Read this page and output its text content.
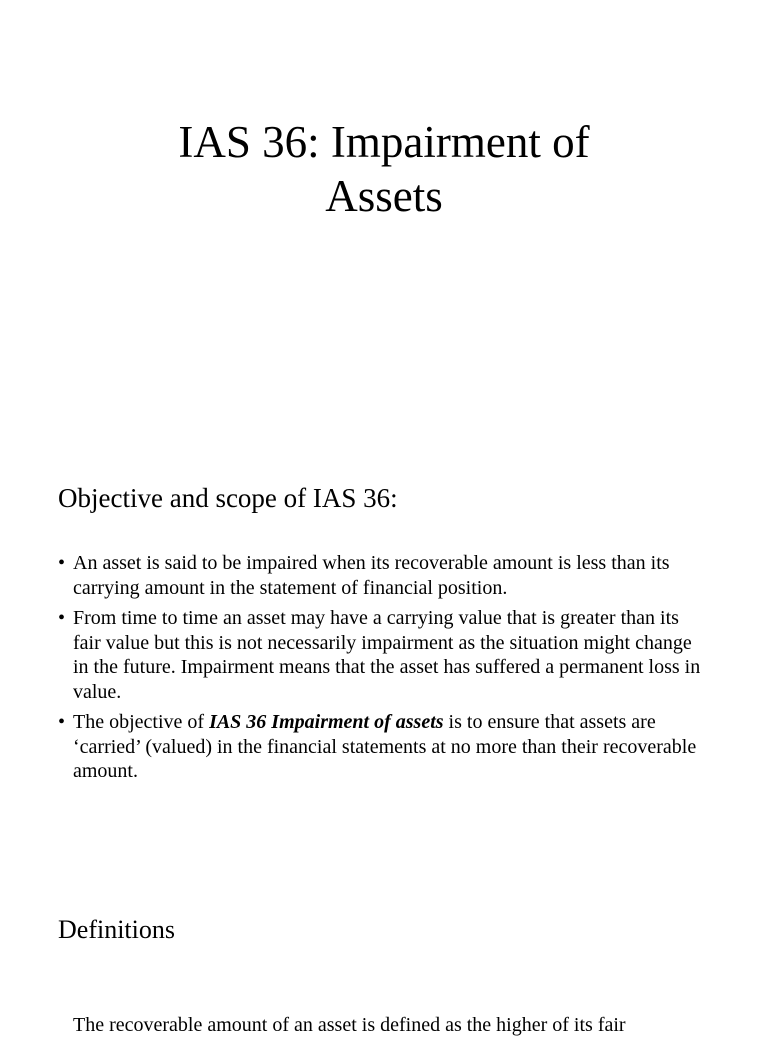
IAS 36: Impairment of
Assets
Objective and scope of IAS 36:
• An asset is said to be impaired when its recoverable amount is less than its carrying amount in the statement of financial position.
• From time to time an asset may have a carrying value that is greater than its fair value but this is not necessarily impairment as the situation might change in the future. Impairment means that the asset has suffered a permanent loss in value.
• The objective of IAS 36 Impairment of assets is to ensure that assets are ‘carried’ (valued) in the financial statements at no more than their recoverable amount.
Definitions
The recoverable amount of an asset is defined as the higher of its fair
